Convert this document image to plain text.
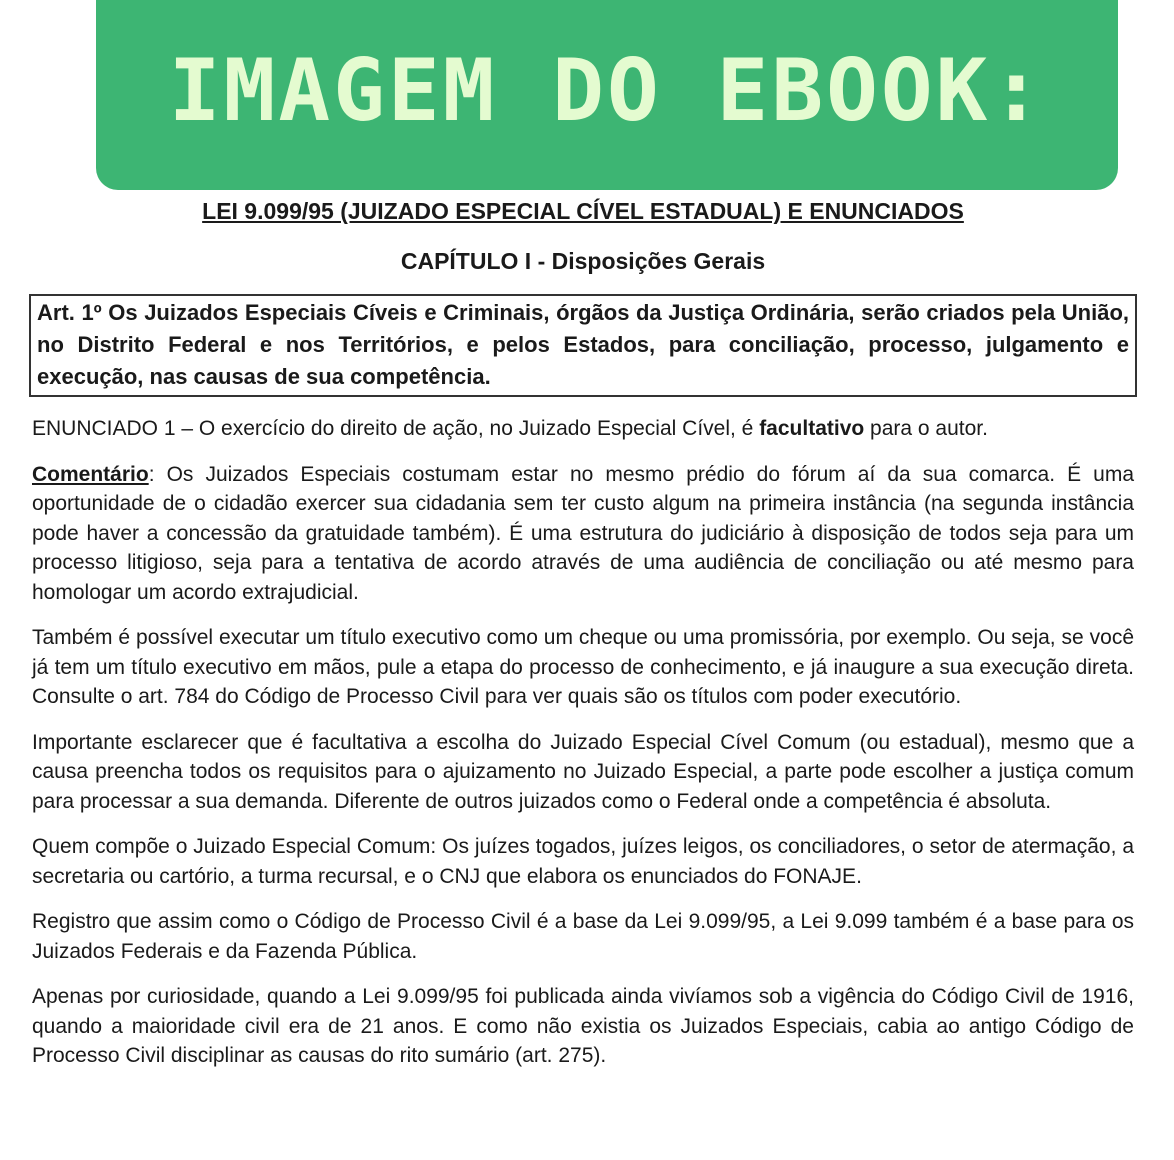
IMAGEM DO EBOOK:

LEI 9.099/95 (JUIZADO ESPECIAL CÍVEL ESTADUAL) E ENUNCIADOS

CAPÍTULO I - Disposições Gerais

Art. 1º Os Juizados Especiais Cíveis e Criminais, órgãos da Justiça Ordinária, serão criados pela União, no Distrito Federal e nos Territórios, e pelos Estados, para conciliação, processo, julgamento e execução, nas causas de sua competência.

ENUNCIADO 1 – O exercício do direito de ação, no Juizado Especial Cível, é facultativo para o autor.

Comentário: Os Juizados Especiais costumam estar no mesmo prédio do fórum aí da sua comarca. É uma oportunidade de o cidadão exercer sua cidadania sem ter custo algum na primeira instância (na segunda instância pode haver a concessão da gratuidade também). É uma estrutura do judiciário à disposição de todos seja para um processo litigioso, seja para a tentativa de acordo através de uma audiência de conciliação ou até mesmo para homologar um acordo extrajudicial.

Também é possível executar um título executivo como um cheque ou uma promissória, por exemplo. Ou seja, se você já tem um título executivo em mãos, pule a etapa do processo de conhecimento, e já inaugure a sua execução direta. Consulte o art. 784 do Código de Processo Civil para ver quais são os títulos com poder executório.

Importante esclarecer que é facultativa a escolha do Juizado Especial Cível Comum (ou estadual), mesmo que a causa preencha todos os requisitos para o ajuizamento no Juizado Especial, a parte pode escolher a justiça comum para processar a sua demanda. Diferente de outros juizados como o Federal onde a competência é absoluta.

Quem compõe o Juizado Especial Comum: Os juízes togados, juízes leigos, os conciliadores, o setor de atermação, a secretaria ou cartório, a turma recursal, e o CNJ que elabora os enunciados do FONAJE.

Registro que assim como o Código de Processo Civil é a base da Lei 9.099/95, a Lei 9.099 também é a base para os Juizados Federais e da Fazenda Pública.

Apenas por curiosidade, quando a Lei 9.099/95 foi publicada ainda vivíamos sob a vigência do Código Civil de 1916, quando a maioridade civil era de 21 anos. E como não existia os Juizados Especiais, cabia ao antigo Código de Processo Civil disciplinar as causas do rito sumário (art. 275).
